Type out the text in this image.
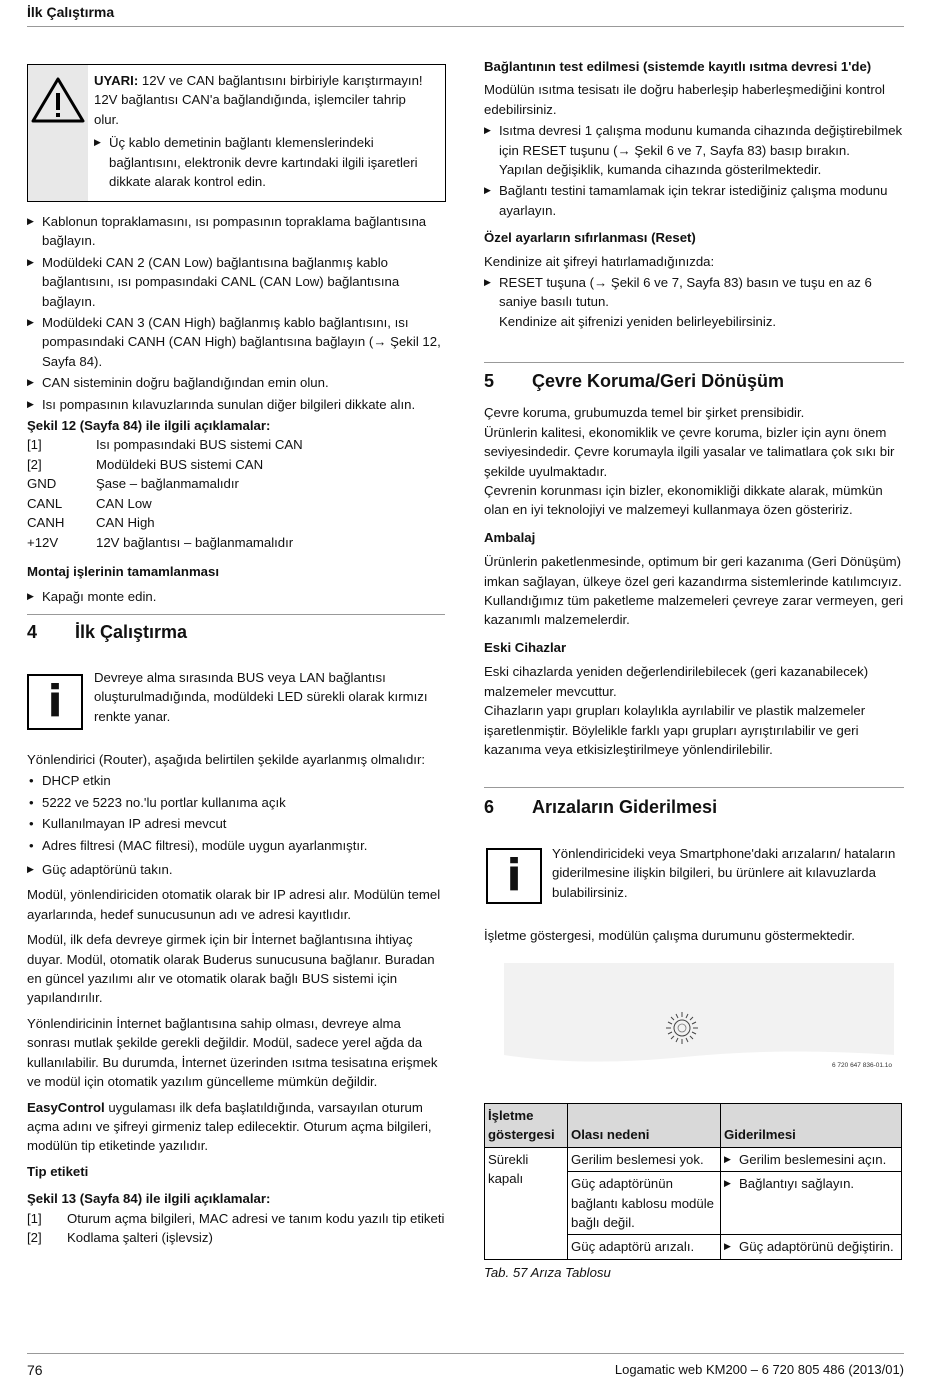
İlk Çalıştırma
UYARI: 12V ve CAN bağlantısını birbiriyle karıştırmayın! 12V bağlantısı CAN'a bağlandığında, işlemciler tahrip olur.
▶ Üç kablo demetinin bağlantı klemenslerindeki bağlantısını, elektronik devre kartındaki ilgili işaretleri dikkate alarak kontrol edin.
▶ Kablonun topraklamasını, ısı pompasının topraklama bağlantısına bağlayın.
▶ Modüldeki CAN 2 (CAN Low) bağlantısına bağlanmış kablo bağlantısını, ısı pompasındaki CANL (CAN Low) bağlantısına bağlayın.
▶ Modüldeki CAN 3 (CAN High) bağlanmış kablo bağlantısını, ısı pompasındaki CANH (CAN High) bağlantısına bağlayın (→ Şekil 12, Sayfa 84).
▶ CAN sisteminin doğru bağlandığından emin olun.
▶ Isı pompasının kılavuzlarında sunulan diğer bilgileri dikkate alın.
Şekil 12 (Sayfa 84) ile ilgili açıklamalar:
[1]	Isı pompasındaki BUS sistemi CAN
[2]	Modüldeki BUS sistemi CAN
GND	Şase – bağlanmamalıdır
CANL	CAN Low
CANH	CAN High
+12V	12V bağlantısı – bağlanmamalıdır
Montaj işlerinin tamamlanması
▶ Kapağı monte edin.
4 İlk Çalıştırma
i Devreye alma sırasında BUS veya LAN bağlantısı oluşturulmadığında, modüldeki LED sürekli olarak kırmızı renkte yanar.

Yönlendirici (Router), aşağıda belirtilen şekilde ayarlanmış olmalıdır:

• DHCP etkin
• 5222 ve 5223 no.'lu portlar kullanıma açık
• Kullanılmayan IP adresi mevcut
• Adres filtresi (MAC filtresi), modüle uygun ayarlanmıştır.
▶ Güç adaptörünü takın.

Modül, yönlendiriciden otomatik olarak bir IP adresi alır. Modülün temel ayarlarında, hedef sunucusunun adı ve adresi kayıtlıdır.

Modül, ilk defa devreye girmek için bir İnternet bağlantısına ihtiyaç duyar. Modül, otomatik olarak Buderus sunucusuna bağlanır. Buradan en güncel yazılımı alır ve otomatik olarak bağlı BUS sistemi için yapılandırılır.

Yönlendiricinin İnternet bağlantısına sahip olması, devreye alma sonrası mutlak şekilde gerekli değildir. Modül, sadece yerel ağda da kullanılabilir. Bu durumda, İnternet üzerinden ısıtma tesisatına erişmek ve modül için otomatik yazılım güncelleme mümkün değildir.

EasyControl uygulaması ilk defa başlatıldığında, varsayılan oturum açma adını ve şifreyi girmeniz talep edilecektir. Oturum açma bilgileri, modülün tip etiketinde yazılıdır.

Tip etiketi
Şekil 13 (Sayfa 84) ile ilgili açıklamalar:
[1]	Oturum açma bilgileri, MAC adresi ve tanım kodu yazılı tip etiketi
[2]	Kodlama şalteri (işlevsiz)
Bağlantının test edilmesi (sistemde kayıtlı ısıtma devresi 1'de)

Modülün ısıtma tesisatı ile doğru haberleşip haberleşmediğini kontrol edebilirsiniz.

▶ Isıtma devresi 1 çalışma modunu kumanda cihazında değiştirebilmek için RESET tuşunu (→ Şekil 6 ve 7, Sayfa 83) basıp bırakın.
Yapılan değişiklik, kumanda cihazında gösterilmektedir.
▶ Bağlantı testini tamamlamak için tekrar istediğiniz çalışma modunu ayarlayın.
Özel ayarların sıfırlanması (Reset)

Kendinize ait şifreyi hatırlamadığınızda:

▶ RESET tuşuna (→ Şekil 6 ve 7, Sayfa 83) basın ve tuşu en az 6 saniye basılı tutun.
Kendinize ait şifrenizi yeniden belirleyebilirsiniz.
5 Çevre Koruma/Geri Dönüşüm

Çevre koruma, grubumuzda temel bir şirket prensibidir.

Ürünlerin kalitesi, ekonomiklik ve çevre koruma, bizler için aynı önem seviyesindedir. Çevre korumayla ilgili yasalar ve talimatlara çok sıkı bir şekilde uyulmaktadır.

Çevrenin korunması için bizler, ekonomikliği dikkate alarak, mümkün olan en iyi teknolojiyi ve malzemeyi kullanmaya özen gösteririz.

Ambalaj

Ürünlerin paketlenmesinde, optimum bir geri kazanıma (Geri Dönüşüm) imkan sağlayan, ülkeye özel geri kazandırma sistemlerinde katılımcıyız. Kullandığımız tüm paketleme malzemeleri çevreye zarar vermeyen, geri kazanımlı malzemelerdir.

Eski Cihazlar

Eski cihazlarda yeniden değerlendirilebilecek (geri kazanabilecek) malzemeler mevcuttur.

Cihazların yapı grupları kolaylıkla ayrılabilir ve plastik malzemeler işaretlenmiştir. Böylelikle farklı yapı grupları ayrıştırılabilir ve geri kazanıma veya etkisizleştirilmeye yönlendirilebilir.

6 Arızaların Giderilmesi
i Yönlendiricideki veya Smartphone'daki arızaların/ hataların giderilmesine ilişkin bilgileri, bu ürünlere ait kılavuzlarda bulabilirsiniz.
İşletme göstergesi, modülün çalışma durumunu göstermektedir.
6 720 647 836-01.1o
İşletme göstergesi	Olası nedeni	Giderilmesi
Sürekli kapalı	Gerilim beslemesi yok.	▶ Gerilim beslemesini açın.

	Güç adaptörünün bağlantı kablosu modüle bağlı değil.	▶ Bağlantıyı sağlayın.

	Güç adaptörü arızalı.	▶ Güç adaptörünü değiştirin.
Tab. 57 Arıza Tablosu
76	Logamatic web KM200 – 6 720 805 486 (2013/01)
